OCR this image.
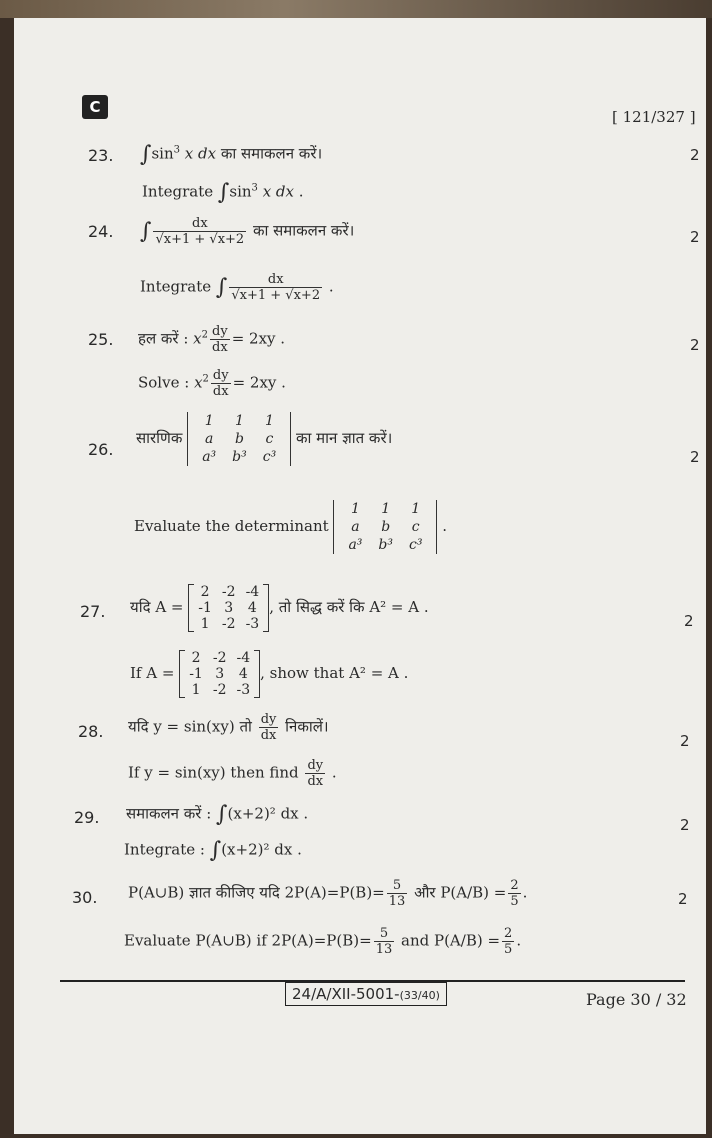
C
[ 121/327 ]
23. $\int\sin^3$ x dx का समाकलन करें।	2
Integrate $\int\sin^3$ x dx .
24. ∫ $\frac{dx}{√x+1 + √x+2}$ का समाकलन करें।	2
Integrate ∫ $\frac{dx}{√x+1 + √x+2}$ .
25. हल करें : $x^2 \frac{dy}{dx} = 2xy$ .	2
Solve : $x^2 \frac{dy}{dx} = 2xy$ .
26.
सारणिक
1	1	1
a	b	c
a³	b³	c³
का मान ज्ञात करें।
2
Evaluate the determinant
1	1	1
a	b	c
a³	b³	c³
.
27. यदि A =
2	-2	-4
-1	3	4
1	-2	-3
, तो सिद्ध करें कि A² = A .
2
If A =
2	-2	-4
-1	3	4
1	-2	-3
, show that A² = A .
28. यदि y = sin(xy) तो $\frac{dy}{dx}$ निकालें।
2
If y = sin(xy) then find $\frac{dy}{dx}$ .
29. समाकलन करें : ∫(x+2)² dx .
2
Integrate : ∫(x+2)² dx .
30. P(A∪B) ज्ञात कीजिए यदि $2P(A)=P(B)= \frac{5}{13}$ और $P(A/B) = \frac{2}{5}$ .	2
Evaluate P(A∪B) if $2P(A)=P(B)= \frac{5}{13}$ and $P(A/B) = \frac{2}{5}$ .
24/A/XII-5001-(33/40)	Page 30 / 32
